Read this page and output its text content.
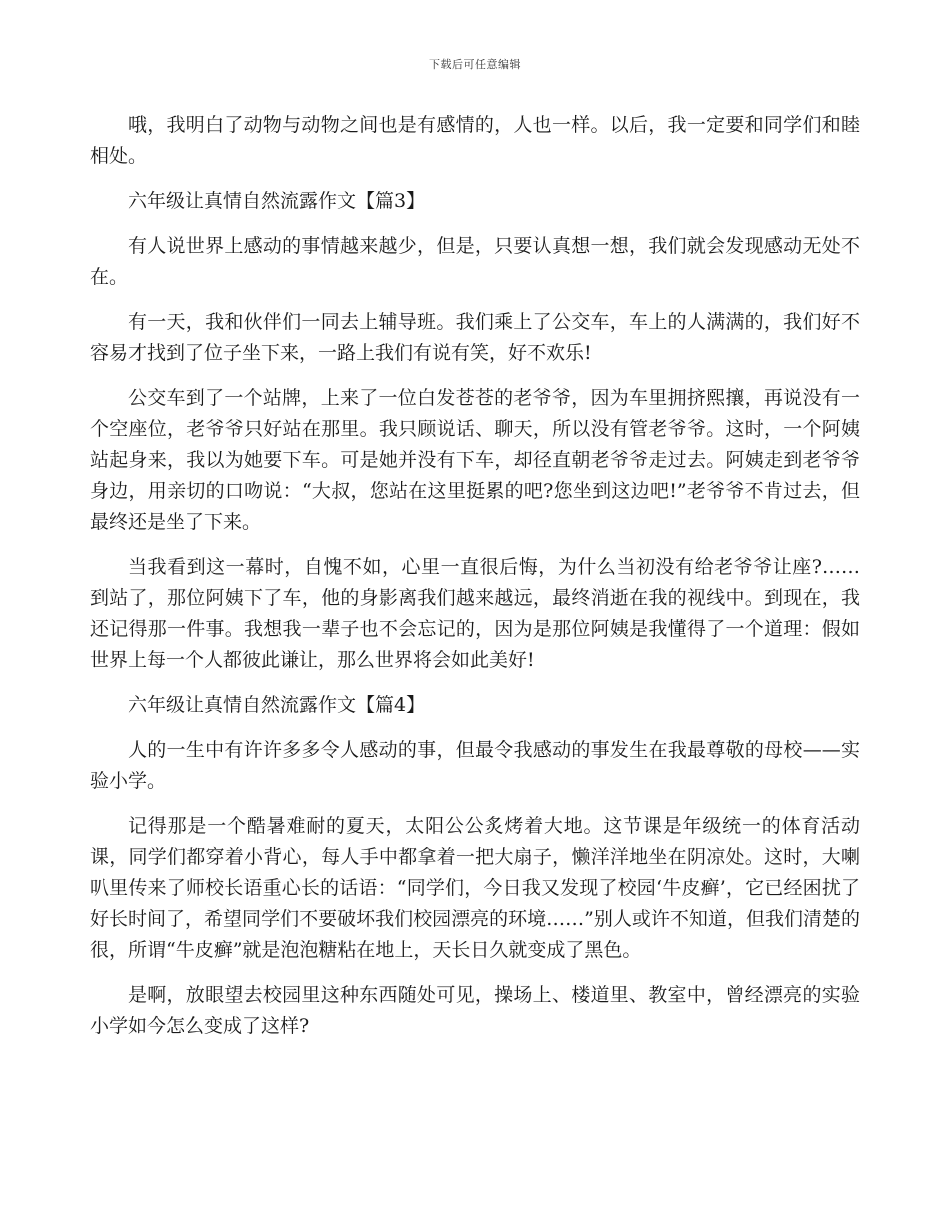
下载后可任意编辑

哦，我明白了动物与动物之间也是有感情的，人也一样。以后，我一定要和同学们和睦相处。

六年级让真情自然流露作文【篇3】

有人说世界上感动的事情越来越少，但是，只要认真想一想，我们就会发现感动无处不在。

有一天，我和伙伴们一同去上辅导班。我们乘上了公交车，车上的人满满的，我们好不容易才找到了位子坐下来，一路上我们有说有笑，好不欢乐!

公交车到了一个站牌，上来了一位白发苍苍的老爷爷，因为车里拥挤熙攘，再说没有一个空座位，老爷爷只好站在那里。我只顾说话、聊天，所以没有管老爷爷。这时，一个阿姨站起身来，我以为她要下车。可是她并没有下车，却径直朝老爷爷走过去。阿姨走到老爷爷身边，用亲切的口吻说：“大叔，您站在这里挺累的吧?您坐到这边吧!”老爷爷不肯过去，但最终还是坐了下来。

当我看到这一幕时，自愧不如，心里一直很后悔，为什么当初没有给老爷爷让座?……到站了，那位阿姨下了车，他的身影离我们越来越远，最终消逝在我的视线中。到现在，我还记得那一件事。我想我一辈子也不会忘记的，因为是那位阿姨是我懂得了一个道理：假如世界上每一个人都彼此谦让，那么世界将会如此美好!

六年级让真情自然流露作文【篇4】

人的一生中有许许多多令人感动的事，但最令我感动的事发生在我最尊敬的母校——实验小学。

记得那是一个酷暑难耐的夏天，太阳公公炙烤着大地。这节课是年级统一的体育活动课，同学们都穿着小背心，每人手中都拿着一把大扇子，懒洋洋地坐在阴凉处。这时，大喇叭里传来了师校长语重心长的话语：“同学们，今日我又发现了校园‘牛皮癣’，它已经困扰了好长时间了，希望同学们不要破坏我们校园漂亮的环境……”别人或许不知道，但我们清楚的很，所谓“牛皮癣”就是泡泡糖粘在地上，天长日久就变成了黑色。

是啊，放眼望去校园里这种东西随处可见，操场上、楼道里、教室中，曾经漂亮的实验小学如今怎么变成了这样?
